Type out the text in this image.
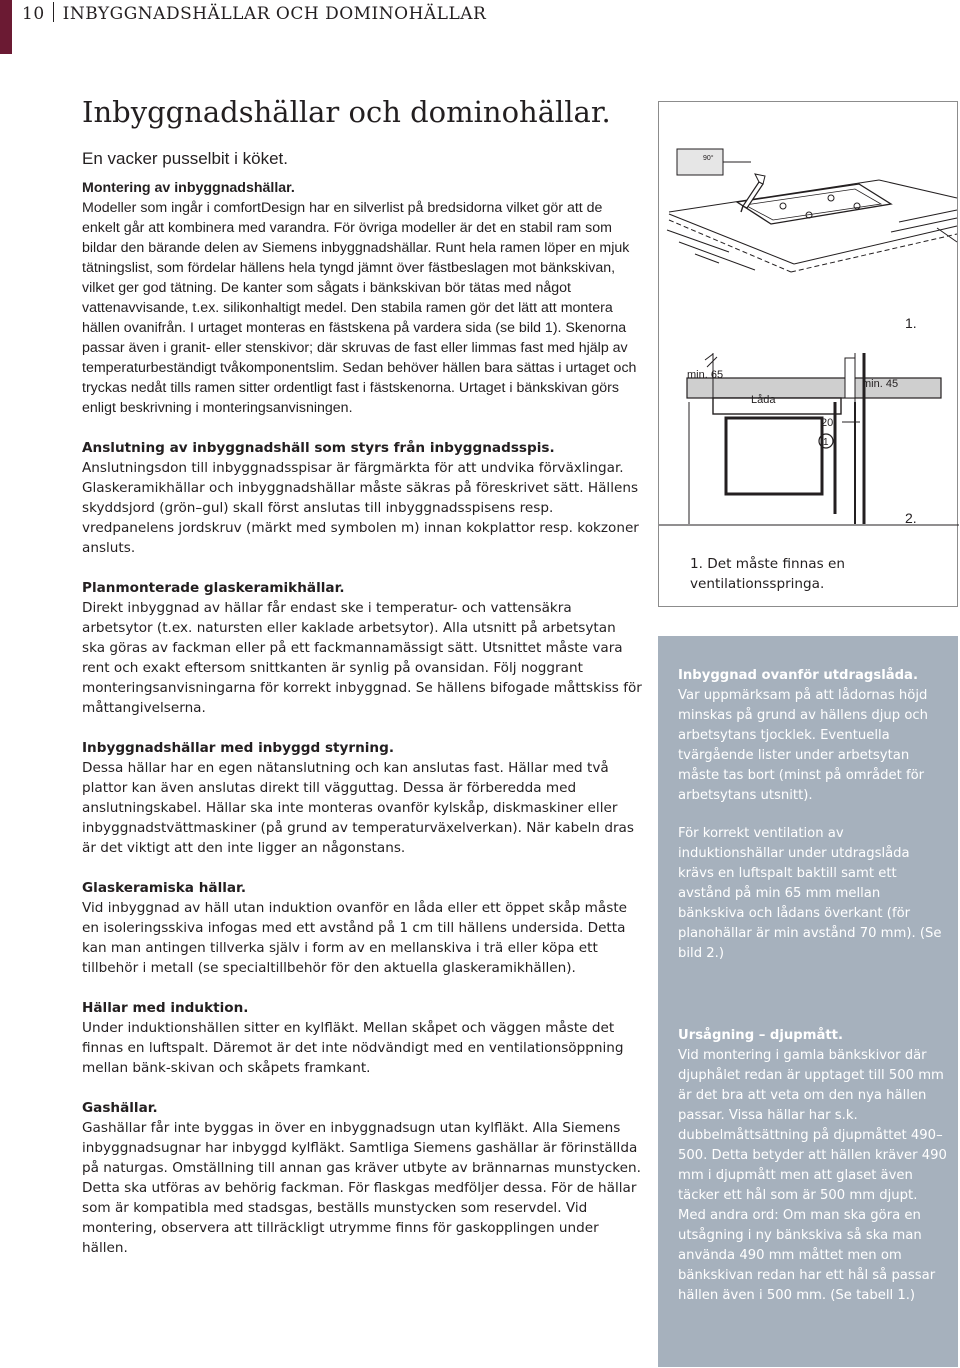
10 INBYGGNADSHÄLLAR OCH DOMINOHÄLLAR
Inbyggnadshällar och dominohällar.
En vacker pusselbit i köket.
Montering av inbyggnadshällar.

Modeller som ingår i comfortDesign har en silverlist på bredsidorna vilket gör att de enkelt går att kombinera med varandra. För övriga modeller är det en stabil ram som bildar den bärande delen av Siemens inbyggnadshällar. Runt hela ramen löper en mjuk tätningslist, som fördelar hällens hela tyngd jämnt över fästbeslagen mot bänkskivan, vilket ger god tätning. De kanter som sågats i bänkskivan bör tätas med något vattenavvisande, t.ex. silikonhaltigt medel. Den stabila ramen gör det lätt att montera hällen ovanifrån. I urtaget monteras en fästskena på vardera sida (se bild 1). Skenorna passar även i granit- eller stenskivor; där skruvas de fast eller limmas fast med hjälp av temperaturbeständigt tvåkomponentslim. Sedan behöver hällen bara sättas i urtaget och tryckas nedåt tills ramen sitter ordentligt fast i fästskenorna. Urtaget i bänkskivan görs enligt beskrivning i monteringsanvisningen.

Anslutning av inbyggnadshäll som styrs från inbyggnadsspis.

Anslutningsdon till inbyggnadsspisar är färgmärkta för att undvika förväxlingar. Glaskeramikhällar och inbyggnadshällar måste säkras på föreskrivet sätt. Hällens skyddsjord (grön–gul) skall först anslutas till inbyggnadsspisens resp. vredpanelens jordskruv (märkt med symbolen m) innan kokplattor resp. kokzoner ansluts.

Planmonterade glaskeramikhällar.

Direkt inbyggnad av hällar får endast ske i temperatur- och vattensäkra arbetsytor (t.ex. natursten eller kaklade arbetsytor). Alla utsnitt på arbetsytan ska göras av fackman eller på ett fackmannamässigt sätt. Utsnittet måste vara rent och exakt eftersom snittkanten är synlig på ovansidan. Följ noggrant monteringsanvisningarna för korrekt inbyggnad. Se hällens bifogade måttskiss för måttangivelserna.

Inbyggnadshällar med inbyggd styrning.

Dessa hällar har en egen nätanslutning och kan anslutas fast. Hällar med två plattor kan även anslutas direkt till vägguttag. Dessa är förberedda med anslutningskabel. Hällar ska inte monteras ovanför kylskåp, diskmaskiner eller inbyggnadstvättmaskiner (på grund av temperaturväxelverkan). När kabeln dras är det viktigt att den inte ligger an någonstans.

Glaskeramiska hällar.

Vid inbyggnad av häll utan induktion ovanför en låda eller ett öppet skåp måste en isoleringsskiva infogas med ett avstånd på 1 cm till hällens undersida. Detta kan man antingen tillverka själv i form av en mellanskiva i trä eller köpa ett tillbehör i metall (se specialtillbehör för den aktuella glaskeramikhällen).

Hällar med induktion.

Under induktionshällen sitter en kylfläkt. Mellan skåpet och väggen måste det finnas en luftspalt. Däremot är det inte nödvändigt med en ventilationsöppning mellan bänk-skivan och skåpets framkant.

Gashällar.

Gashällar får inte byggas in över en inbyggnadsugn utan kylfläkt. Alla Siemens inbyggnadsugnar har inbyggd kylfläkt. Samtliga Siemens gashällar är förinställda på naturgas. Omställning till annan gas kräver utbyte av brännarnas munstycken. Detta ska utföras av behörig fackman. För flaskgas medföljer dessa. För de hällar som är kompatibla med stadsgas, beställs munstycken som reservdel. Vid montering, observera att tillräckligt utrymme finns för gaskopplingen under hällen.

90°
1.
min. 65
min. 45
Låda
20
1
2.
1. Det måste finnas en ventilationsspringa.
Inbyggnad ovanför utdragslåda.

Var uppmärksam på att lådornas höjd minskas på grund av hällens djup och arbetsytans tjocklek. Eventuella tvärgående lister under arbetsytan måste tas bort (minst på området för arbetsytans utsnitt).

För korrekt ventilation av induktionshällar under utdragslåda krävs en luftspalt baktill samt ett avstånd på min 65 mm mellan bänkskiva och lådans överkant (för planohällar är min avstånd 70 mm). (Se bild 2.)

Ursågning – djupmått.

Vid montering i gamla bänkskivor där djuphålet redan är upptaget till 500 mm är det bra att veta om den nya hällen passar. Vissa hällar har s.k. dubbelmåttsättning på djupmåttet 490–500. Detta betyder att hällen kräver 490 mm i djupmått men att glaset även täcker ett hål som är 500 mm djupt. Med andra ord: Om man ska göra en utsågning i ny bänkskiva så ska man använda 490 mm måttet men om bänkskivan redan har ett hål så passar hällen även i 500 mm. (Se tabell 1.)
